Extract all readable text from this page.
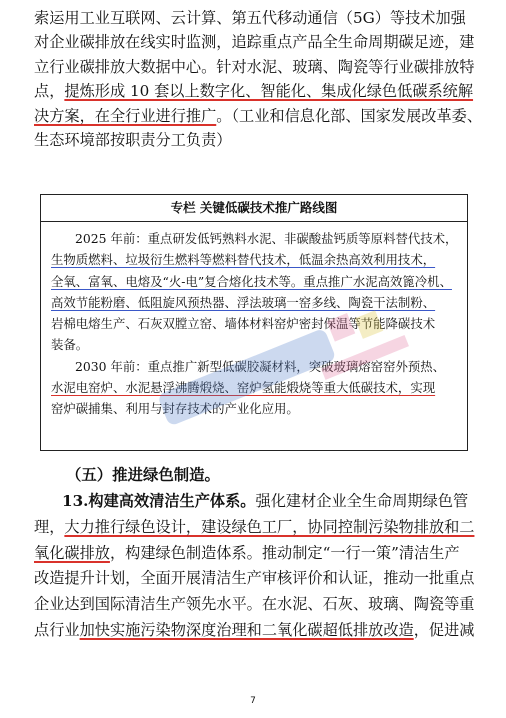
索运用工业互联网、云计算、第五代移动通信（5G）等技术加强
对企业碳排放在线实时监测，追踪重点产品全生命周期碳足迹，建
立行业碳排放大数据中心。针对水泥、玻璃、陶瓷等行业碳排放特
点，提炼形成 10 套以上数字化、智能化、集成化绿色低碳系统解
决方案，在全行业进行推广。（工业和信息化部、国家发展改革委、
生态环境部按职责分工负责）
专栏 关键低碳技术推广路线图
2025 年前：重点研发低钙熟料水泥、非碳酸盐钙质等原料替代技术，
生物质燃料、垃圾衍生燃料等燃料替代技术，低温余热高效利用技术，
全氧、富氧、电熔及“火-电”复合熔化技术等。重点推广水泥高效篦冷机、
高效节能粉磨、低阻旋风预热器、浮法玻璃一窑多线、陶瓷干法制粉、
岩棉电熔生产、石灰双膛立窑、墙体材料窑炉密封保温等节能降碳技术
装备。
2030 年前：重点推广新型低碳胶凝材料，突破玻璃熔窑窑外预热、
水泥电窑炉、水泥悬浮沸腾煅烧、窑炉氢能煅烧等重大低碳技术，实现
窑炉碳捕集、利用与封存技术的产业化应用。
（五）推进绿色制造。
13.构建高效清洁生产体系。强化建材企业全生命周期绿色管
理，大力推行绿色设计，建设绿色工厂，协同控制污染物排放和二
氧化碳排放，构建绿色制造体系。推动制定“一行一策”清洁生产
改造提升计划，全面开展清洁生产审核评价和认证，推动一批重点
企业达到国际清洁生产领先水平。在水泥、石灰、玻璃、陶瓷等重
点行业加快实施污染物深度治理和二氧化碳超低排放改造，促进减
7
